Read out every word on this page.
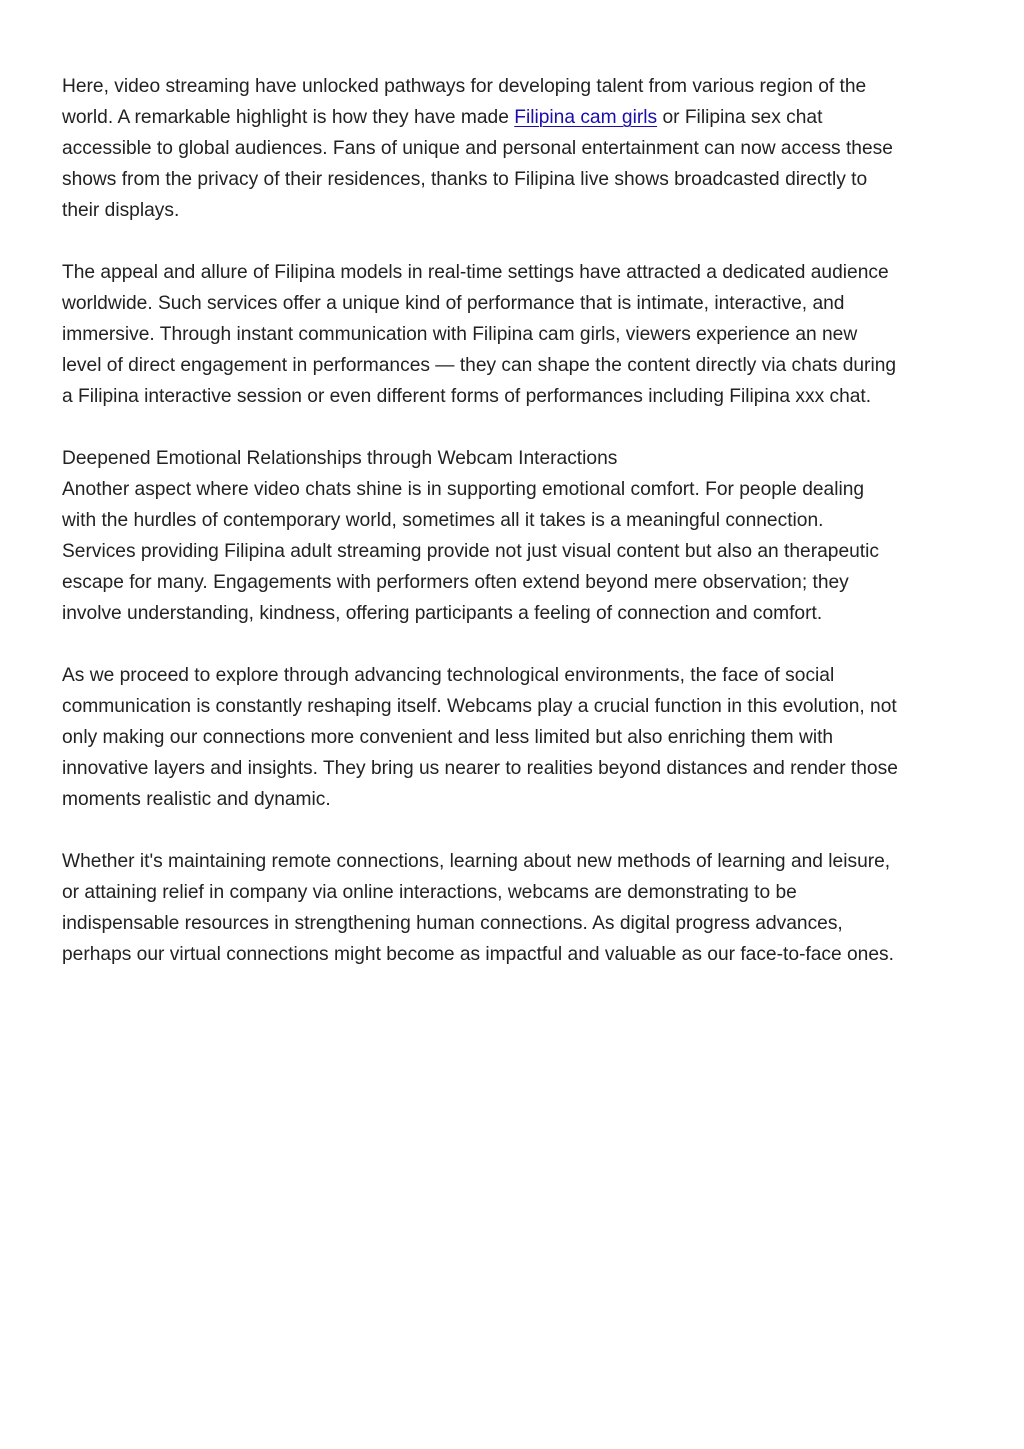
Here, video streaming have unlocked pathways for developing talent from various region of the
world. A remarkable highlight is how they have made Filipina cam girls or Filipina sex chat
accessible to global audiences. Fans of unique and personal entertainment can now access these
shows from the privacy of their residences, thanks to Filipina live shows broadcasted directly to
their displays.

The appeal and allure of Filipina models in real-time settings have attracted a dedicated audience
worldwide. Such services offer a unique kind of performance that is intimate, interactive, and
immersive. Through instant communication with Filipina cam girls, viewers experience an new
level of direct engagement in performances — they can shape the content directly via chats during
a Filipina interactive session or even different forms of performances including Filipina xxx chat.

Deepened Emotional Relationships through Webcam Interactions
Another aspect where video chats shine is in supporting emotional comfort. For people dealing
with the hurdles of contemporary world, sometimes all it takes is a meaningful connection.
Services providing Filipina adult streaming provide not just visual content but also an therapeutic
escape for many. Engagements with performers often extend beyond mere observation; they
involve understanding, kindness, offering participants a feeling of connection and comfort.

As we proceed to explore through advancing technological environments, the face of social
communication is constantly reshaping itself. Webcams play a crucial function in this evolution, not
only making our connections more convenient and less limited but also enriching them with
innovative layers and insights. They bring us nearer to realities beyond distances and render those
moments realistic and dynamic.

Whether it's maintaining remote connections, learning about new methods of learning and leisure,
or attaining relief in company via online interactions, webcams are demonstrating to be
indispensable resources in strengthening human connections. As digital progress advances,
perhaps our virtual connections might become as impactful and valuable as our face-to-face ones.
